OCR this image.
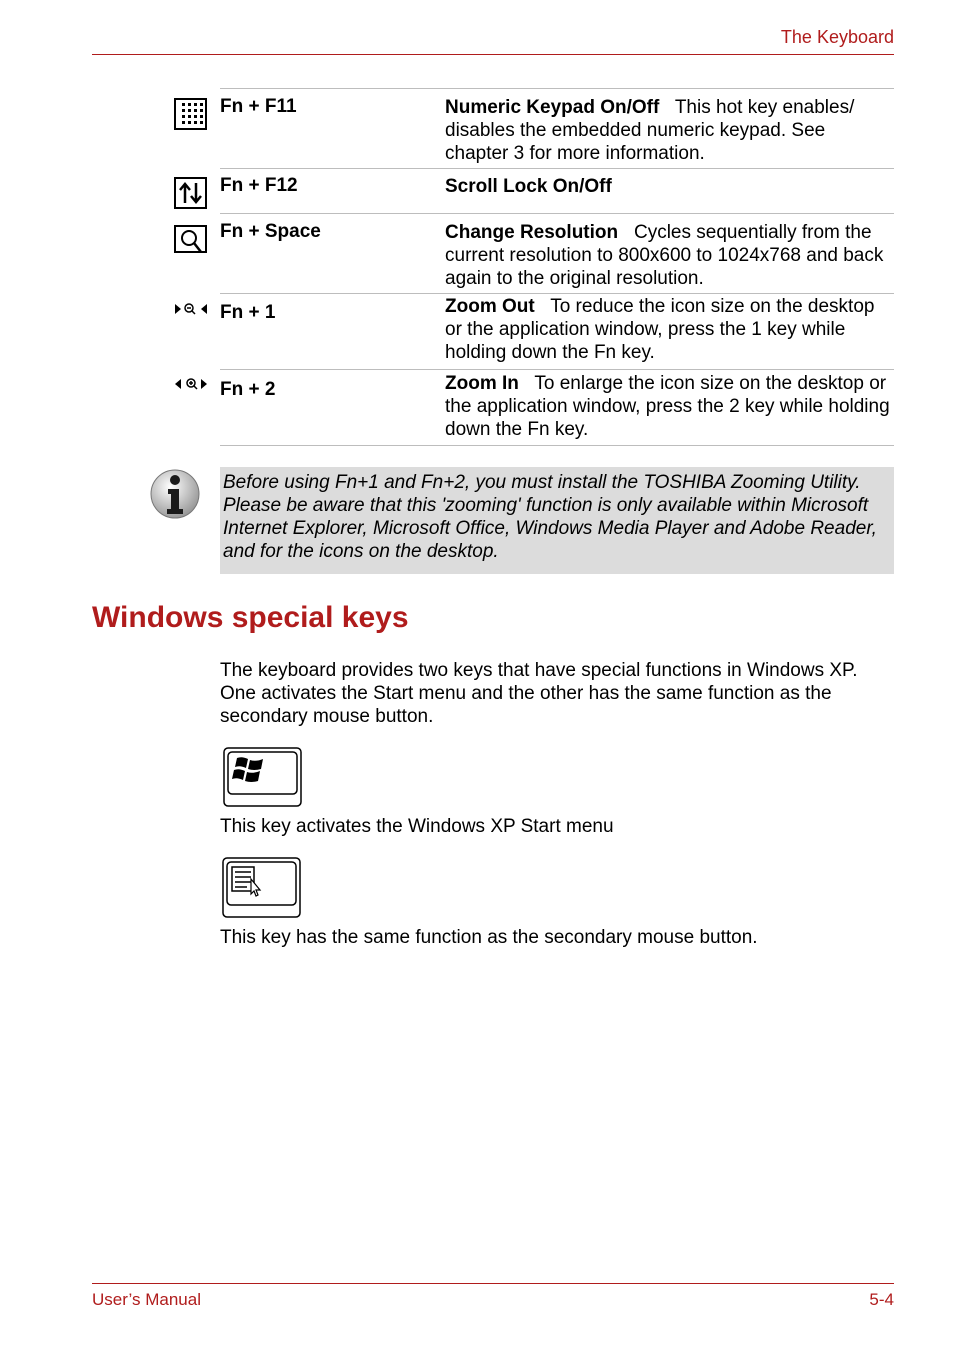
The Keyboard
Fn + F11	Numeric Keypad On/Off This hot key enables/ disables the embedded numeric keypad. See chapter 3 for more information.
Fn + F12	Scroll Lock On/Off
Fn + Space	Change Resolution Cycles sequentially from the current resolution to 800x600 to 1024x768 and back again to the original resolution.
Fn + 1	Zoom Out To reduce the icon size on the desktop or the application window, press the 1 key while holding down the Fn key.
Fn + 2	Zoom In To enlarge the icon size on the desktop or the application window, press the 2 key while holding down the Fn key.
Before using Fn+1 and Fn+2, you must install the TOSHIBA Zooming Utility. Please be aware that this 'zooming' function is only available within Microsoft Internet Explorer, Microsoft Office, Windows Media Player and Adobe Reader, and for the icons on the desktop.
Windows special keys
The keyboard provides two keys that have special functions in Windows XP. One activates the Start menu and the other has the same function as the secondary mouse button.
This key activates the Windows XP Start menu
This key has the same function as the secondary mouse button.
User’s Manual	5-4
